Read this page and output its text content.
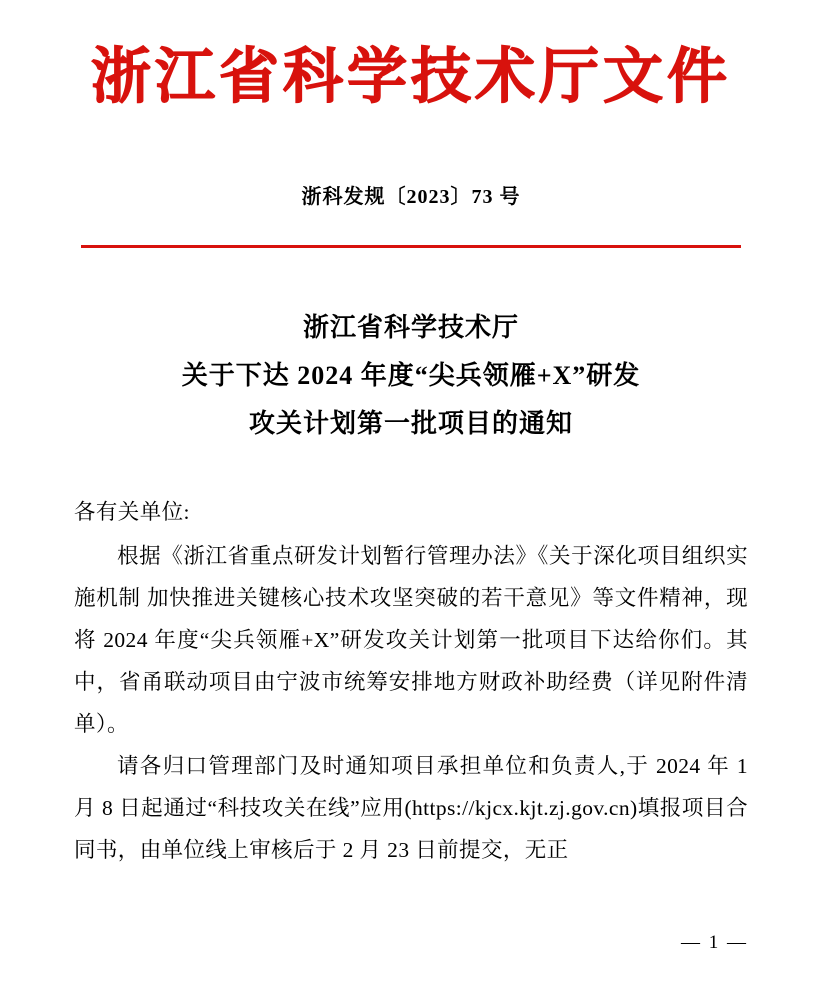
浙江省科学技术厅文件
浙科发规〔2023〕73 号
浙江省科学技术厅
关于下达 2024 年度“尖兵领雁+X”研发
攻关计划第一批项目的通知
各有关单位:

根据《浙江省重点研发计划暂行管理办法》《关于深化项目组织实施机制 加快推进关键核心技术攻坚突破的若干意见》等文件精神，现将 2024 年度“尖兵领雁+X”研发攻关计划第一批项目下达给你们。其中，省甬联动项目由宁波市统筹安排地方财政补助经费（详见附件清单）。

请各归口管理部门及时通知项目承担单位和负责人,于 2024 年 1 月 8 日起通过“科技攻关在线”应用(https://kjcx.kjt.zj.gov.cn)填报项目合同书，由单位线上审核后于 2 月 23 日前提交，无正

— 1 —
